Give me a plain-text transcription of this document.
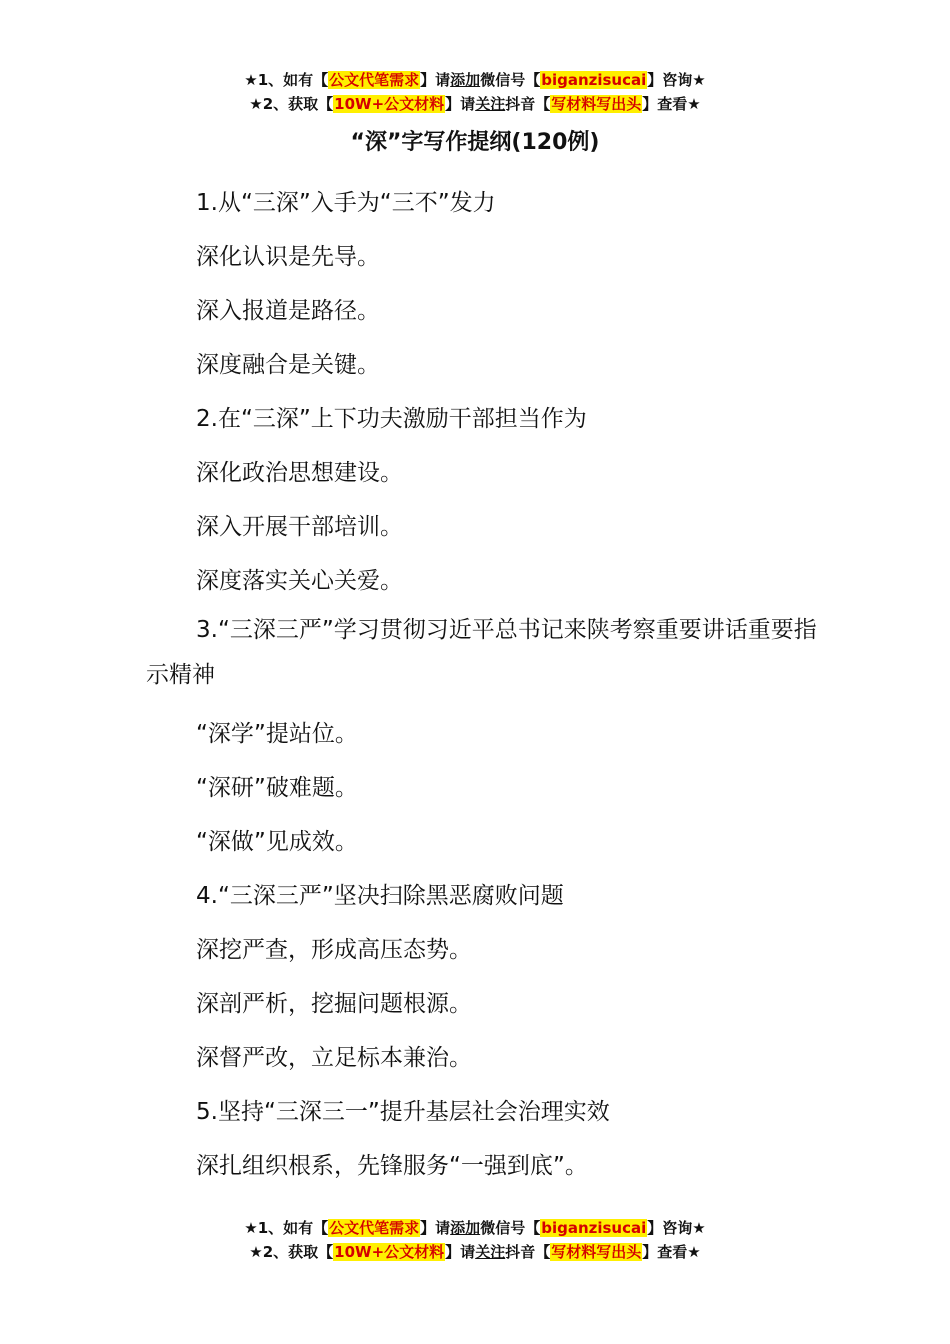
★1、如有【公文代笔需求】请添加微信号【biganzisucai】咨询★
★2、获取【10W+公文材料】请关注抖音【写材料写出头】查看★
“深”字写作提纲(120例)

1.从“三深”入手为“三不”发力

深化认识是先导。

深入报道是路径。

深度融合是关键。

2.在“三深”上下功夫激励干部担当作为

深化政治思想建设。

深入开展干部培训。

深度落实关心关爱。

3.“三深三严”学习贯彻习近平总书记来陕考察重要讲话重要指示精神

“深学”提站位。

“深研”破难题。

“深做”见成效。

4.“三深三严”坚决扫除黑恶腐败问题

深挖严查，形成高压态势。

深剖严析，挖掘问题根源。

深督严改，立足标本兼治。

5.坚持“三深三一”提升基层社会治理实效

深扎组织根系，先锋服务“一强到底”。

★1、如有【公文代笔需求】请添加微信号【biganzisucai】咨询★
★2、获取【10W+公文材料】请关注抖音【写材料写出头】查看★
